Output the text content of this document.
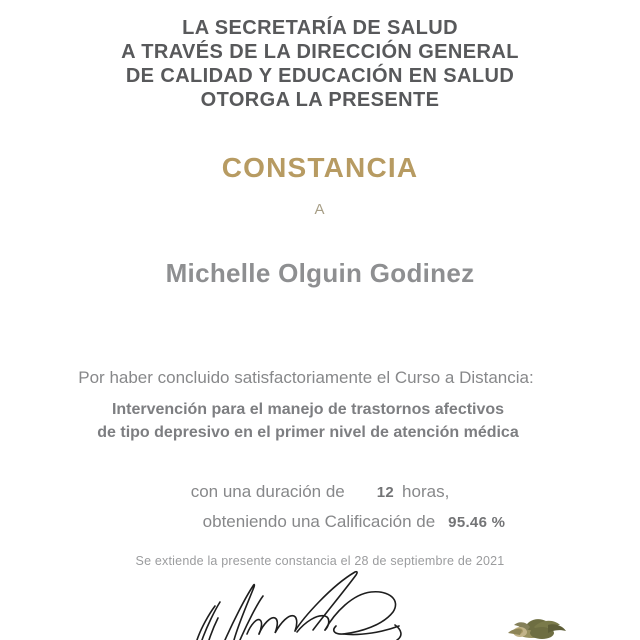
LA SECRETARÍA DE SALUD
A TRAVÉS DE LA DIRECCIÓN GENERAL
DE CALIDAD Y EDUCACIÓN EN SALUD
OTORGA LA PRESENTE
CONSTANCIA
A
Michelle Olguin Godinez
Por haber concluido satisfactoriamente el Curso a Distancia:
Intervención para el manejo de trastornos afectivos
de tipo depresivo en el primer nivel de atención médica
con una duración de 12 horas,
obteniendo una Calificación de 95.46 %
Se extiende la presente constancia el 28 de septiembre de 2021
